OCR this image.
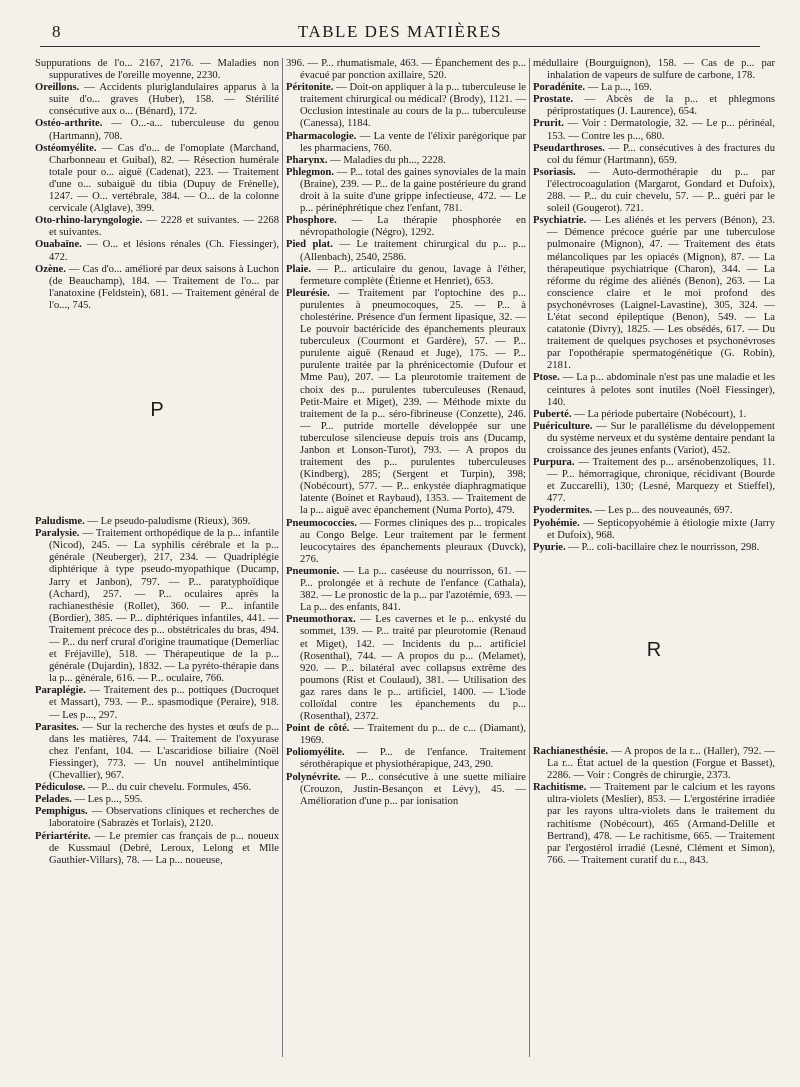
8	TABLE DES MATIÈRES

Suppurations de l'o... 2167, 2176. — Maladies non suppuratives de l'oreille moyenne, 2230.

Oreillons. — Accidents pluriglandulaires apparus à la suite d'o... graves (Huber), 158. — Stérilité consécutive aux o... (Bénard), 172.

Ostéo-arthrite. — O...-a... tuberculeuse du genou (Hartmann), 708.

Ostéomyélite. — Cas d'o... de l'omoplate (Marchand, Charbonneau et Guibal), 82. — Résection humérale totale pour o... aiguë (Cadenat), 223. — Traitement d'une o... subaiguë du tibia (Dupuy de Frénelle), 1247. — O... vertébrale, 384. — O... de la colonne cervicale (Alglave), 399.

Oto-rhino-laryngologie. — 2228 et suivantes. — 2268 et suivantes.

Ouabaïne. — O... et lésions rénales (Ch. Fiessinger), 472.

Ozène. — Cas d'o... amélioré par deux saisons à Luchon (de Beauchamp), 184. — Traitement de l'o... par l'anatoxine (Feldstein), 681. — Traitement général de l'o..., 745.

P

Paludisme. — Le pseudo-paludisme (Rieux), 369.

Paralysie. — Traitement orthopédique de la p... infantile (Nicod), 245. — La syphilis cérébrale et la p... générale (Neuberger), 217, 234. — Quadriplégie diphtérique à type pseudo-myopathique (Ducamp, Jarry et Janbon), 797. — P... paratyphoïdique (Achard), 257. — P... oculaires après la rachianesthésie (Rollet), 360. — P... infantile (Bordier), 385. — P... diphtériques infantiles, 441. — Traitement précoce des p... obstétricales du bras, 494. — P... du nerf crural d'origine traumatique (Demerliac et Fréjaville), 518. — Thérapeutique de la p... générale (Dujardin), 1832. — La pyréto-thérapie dans la p... générale, 616. — P... oculaire, 766.

Paraplégie. — Traitement des p... pottiques (Ducroquet et Massart), 793. — P... spasmodique (Peraire), 918. — Les p..., 297.

Parasites. — Sur la recherche des hystes et œufs de p... dans les matières, 744. — Traitement de l'oxyurase chez l'enfant, 104. — L'ascaridiose biliaire (Noël Fiessinger), 773. — Un nouvel antihelmintique (Chevallier), 967.

Pédiculose. — P... du cuir chevelu. Formules, 456.

Pelades. — Les p..., 595.

Pemphigus. — Observations cliniques et recherches de laboratoire (Sabrazès et Torlais), 2120.

Périartérite. — Le premier cas français de p... noueux de Kussmaul (Debré, Leroux, Lelong et Mlle Gauthier-Villars), 78. — La p... noueuse,

396. — P... rhumatismale, 463. — Épanchement des p... évacué par ponction axillaire, 520.

Péritonite. — Doit-on appliquer à la p... tuberculeuse le traitement chirurgical ou médical? (Brody), 1121. — Occlusion intestinale au cours de la p... tuberculeuse (Canessa), 1184.

Pharmacologie. — La vente de l'élixir parégorique par les pharmaciens, 760.

Pharynx. — Maladies du ph..., 2228.

Phlegmon. — P... total des gaines synoviales de la main (Braine), 239. — P... de la gaine postérieure du grand droit à la suite d'une grippe infectieuse, 472. — Le p... périnéphrétique chez l'enfant, 781.

Phosphore. — La thérapie phosphorée en névropathologie (Négro), 1292.

Pied plat. — Le traitement chirurgical du p... p... (Allenbach), 2540, 2586.

Plaie. — P... articulaire du genou, lavage à l'éther, fermeture complète (Étienne et Henriet), 653.

Pleurésie. — Traitement par l'optochine des p... purulentes à pneumocoques, 25. — P... à cholestérine. Présence d'un ferment lipasique, 32. — Le pouvoir bactéricide des épanchements pleuraux tuberculeux (Courmont et Gardère), 57. — P... purulente aiguë (Renaud et Juge), 175. — P... purulente traitée par la phrénicectomie (Dufour et Mme Pau), 207. — La pleurotomie traitement de choix des p... purulentes tuberculeuses (Renaud, Petit-Maire et Miget), 239. — Méthode mixte du traitement de la p... séro-fibrineuse (Conzette), 246. — P... putride mortelle développée sur une tuberculose silencieuse depuis trois ans (Ducamp, Janbon et Lonson-Turot), 793. — A propos du traitement des p... purulentes tuberculeuses (Kindberg), 285; (Sergent et Turpin), 398; (Nobécourt), 577. — P... enkystée diaphragmatique latente (Boinet et Raybaud), 1353. — Traitement de la p... aiguë avec épanchement (Numa Porto), 479.

Pneumococcies. — Formes cliniques des p... tropicales au Congo Belge. Leur traitement par le ferment leucocytaires des épanchements pleuraux (Duvck), 276.

Pneumonie. — La p... caséeuse du nourrisson, 61. — P... prolongée et à rechute de l'enfance (Cathala), 382. — Le pronostic de la p... par l'azotémie, 693. — La p... des enfants, 841.

Pneumothorax. — Les cavernes et le p... enkysté du sommet, 139. — P... traité par pleurotomie (Renaud et Miget), 142. — Incidents du p... artificiel (Rosenthal), 744. — A propos du p... (Melamet), 920. — P... bilatéral avec collapsus extrême des poumons (Rist et Coulaud), 381. — Utilisation des gaz rares dans le p... artificiel, 1400. — L'iode colloïdal contre les épanchements du p... (Rosenthal), 2372.

Point de côté. — Traitement du p... de c... (Diamant), 1969.

Poliomyélite. — P... de l'enfance. Traitement sérothérapique et physiothérapique, 243, 290.

Polynévrite. — P... consécutive à une suette miliaire (Crouzon, Justin-Besançon et Lévy), 45. — Amélioration d'une p... par ionisation

médullaire (Bourguignon), 158. — Cas de p... par inhalation de vapeurs de sulfure de carbone, 178.

Poradénite. — La p..., 169.

Prostate. — Abcès de la p... et phlegmons périprostatiques (J. Laurence), 654.

Prurit. — Voir : Dermatologie, 32. — Le p... périnéal, 153. — Contre les p..., 680.

Pseudarthroses. — P... consécutives à des fractures du col du fémur (Hartmann), 659.

Psoriasis. — Auto-dermothérapie du p... par l'électrocoagulation (Margarot, Gondard et Dufoix), 288. — P... du cuir chevelu, 57. — P... guéri par le soleil (Gougerot). 721.

Psychiatrie. — Les aliénés et les pervers (Bénon), 23. — Démence précoce guérie par une tuberculose pulmonaire (Mignon), 47. — Traitement des états mélancoliques par les opiacés (Mignon), 87. — La thérapeutique psychiatrique (Charon), 344. — La réforme du régime des aliénés (Benon), 263. — La conscience claire et le moi profond des psychonévroses (Laignel-Lavastine), 305, 324. — L'état second épileptique (Benon), 549. — La catatonie (Divry), 1825. — Les obsédés, 617. — Du traitement de quelques psychoses et psychonévroses par l'opothérapie spermatogénétique (G. Robin), 2181.

Ptose. — La p... abdominale n'est pas une maladie et les ceintures à pelotes sont inutiles (Noël Fiessinger), 140.

Puberté. — La période pubertaire (Nobécourt), 1.

Puériculture. — Sur le parallélisme du développement du système nerveux et du système dentaire pendant la croissance des jeunes enfants (Variot), 452.

Purpura. — Traitement des p... arsénobenzoliques, 11. — P... hémorragique, chronique, récidivant (Bourde et Zuccarelli), 130; (Lesné, Marquezy et Stieffel), 477.

Pyodermites. — Les p... des nouveaunés, 697.

Pyohémie. — Septicopyohémie à étiologie mixte (Jarry et Dufoix), 968.

Pyurie. — P... coli-bacillaire chez le nourrisson, 298.

R

Rachianesthésie. — A propos de la r... (Haller), 792. — La r... État actuel de la question (Forgue et Basset), 2286. — Voir : Congrès de chirurgie, 2373.

Rachitisme. — Traitement par le calcium et les rayons ultra-violets (Meslier), 853. — L'ergostérine irradiée par les rayons ultra-violets dans le traitement du rachitisme (Nobécourt), 465 (Armand-Delille et Bertrand), 478. — Le rachitisme, 665. — Traitement par l'ergostérol irradié (Lesné, Clément et Simon), 766. — Traitement curatif du r..., 843.
